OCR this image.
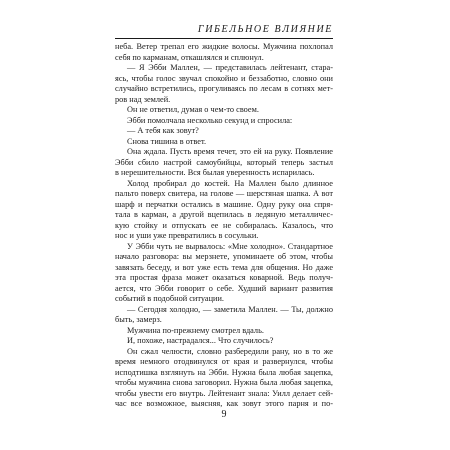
ГИБЕЛЬНОЕ ВЛИЯНИЕ
неба. Ветер трепал его жидкие волосы. Мужчина похлопал
себя по карманам, откашлялся и сплюнул.
— Я Эбби Маллен, — представилась лейтенант, стара-
ясь, чтобы голос звучал спокойно и беззаботно, словно они
случайно встретились, прогуливаясь по лесам в сотнях мет-
ров над землей.
Он не ответил, думая о чем-то своем.
Эбби помолчала несколько секунд и спросила:
— А тебя как зовут?
Снова тишина в ответ.
Она ждала. Пусть время течет, это ей на руку. Появление
Эбби сбило настрой самоубийцы, который теперь застыл
в нерешительности. Вся былая уверенность испарилась.
Холод пробирал до костей. На Маллен было длинное
пальто поверх свитера, на голове — шерстяная шапка. А вот
шарф и перчатки остались в машине. Одну руку она спря-
тала в карман, а другой вцепилась в ледяную металличес-
кую стойку и отпускать ее не собиралась. Казалось, что
нос и уши уже превратились в сосульки.
У Эбби чуть не вырвалось: «Мне холодно». Стандартное
начало разговора: вы мерзнете, упоминаете об этом, чтобы
завязать беседу, и вот уже есть тема для общения. Но даже
эта простая фраза может оказаться коварной. Ведь получ-
ается, что Эбби говорит о себе. Худший вариант развития
событий в подобной ситуации.
— Сегодня холодно, — заметила Маллен. — Ты, должно
быть, замерз.
Мужчина по-прежнему смотрел вдаль.
И, похоже, настрадался... Что случилось?
Он сжал челюсти, словно разбередили рану, но в то же
время немного отодвинулся от края и развернулся, чтобы
исподтишка взглянуть на Эбби. Нужна была любая зацепка,
чтобы мужчина снова заговорил. Нужна была любая зацепка,
чтобы увести его внутрь. Лейтенант знала: Уилл делает сей-
час все возможное, выясняя, как зовут этого парня и по-
9
